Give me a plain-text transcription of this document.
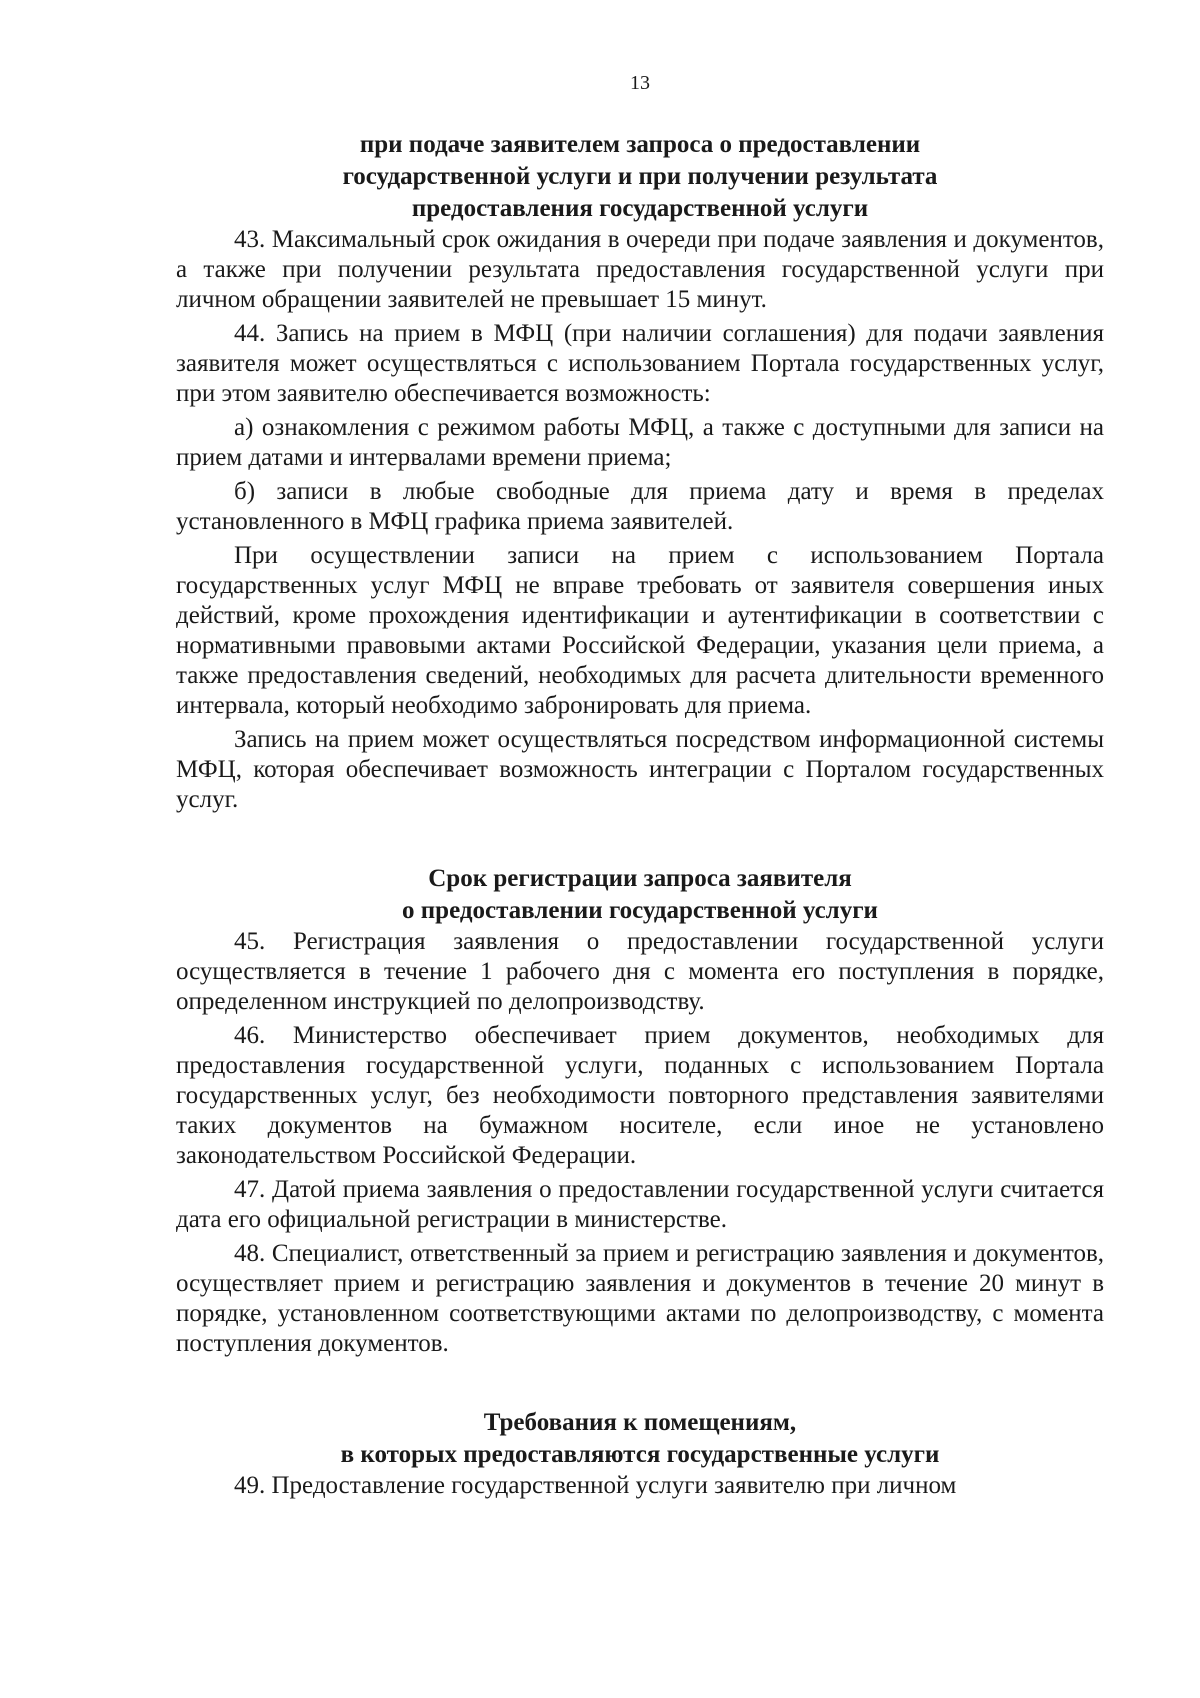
13
при подаче заявителем запроса о предоставлении
государственной услуги и при получении результата
предоставления государственной услуги

43. Максимальный срок ожидания в очереди при подаче заявления и документов, а также при получении результата предоставления государственной услуги при личном обращении заявителей не превышает 15 минут.

44. Запись на прием в МФЦ (при наличии соглашения) для подачи заявления заявителя может осуществляться с использованием Портала государственных услуг, при этом заявителю обеспечивается возможность:

а) ознакомления с режимом работы МФЦ, а также с доступными для записи на прием датами и интервалами времени приема;

б) записи в любые свободные для приема дату и время в пределах установленного в МФЦ графика приема заявителей.

При осуществлении записи на прием с использованием Портала государственных услуг МФЦ не вправе требовать от заявителя совершения иных действий, кроме прохождения идентификации и аутентификации в соответствии с нормативными правовыми актами Российской Федерации, указания цели приема, а также предоставления сведений, необходимых для расчета длительности временного интервала, который необходимо забронировать для приема.

Запись на прием может осуществляться посредством информационной системы МФЦ, которая обеспечивает возможность интеграции с Порталом государственных услуг.

Срок регистрации запроса заявителя
о предоставлении государственной услуги

45. Регистрация заявления о предоставлении государственной услуги осуществляется в течение 1 рабочего дня с момента его поступления в порядке, определенном инструкцией по делопроизводству.

46. Министерство обеспечивает прием документов, необходимых для предоставления государственной услуги, поданных с использованием Портала государственных услуг, без необходимости повторного представления заявителями таких документов на бумажном носителе, если иное не установлено законодательством Российской Федерации.

47. Датой приема заявления о предоставлении государственной услуги считается дата его официальной регистрации в министерстве.

48. Специалист, ответственный за прием и регистрацию заявления и документов, осуществляет прием и регистрацию заявления и документов в течение 20 минут в порядке, установленном соответствующими актами по делопроизводству, с момента поступления документов.

Требования к помещениям,
в которых предоставляются государственные услуги

49. Предоставление государственной услуги заявителю при личном
